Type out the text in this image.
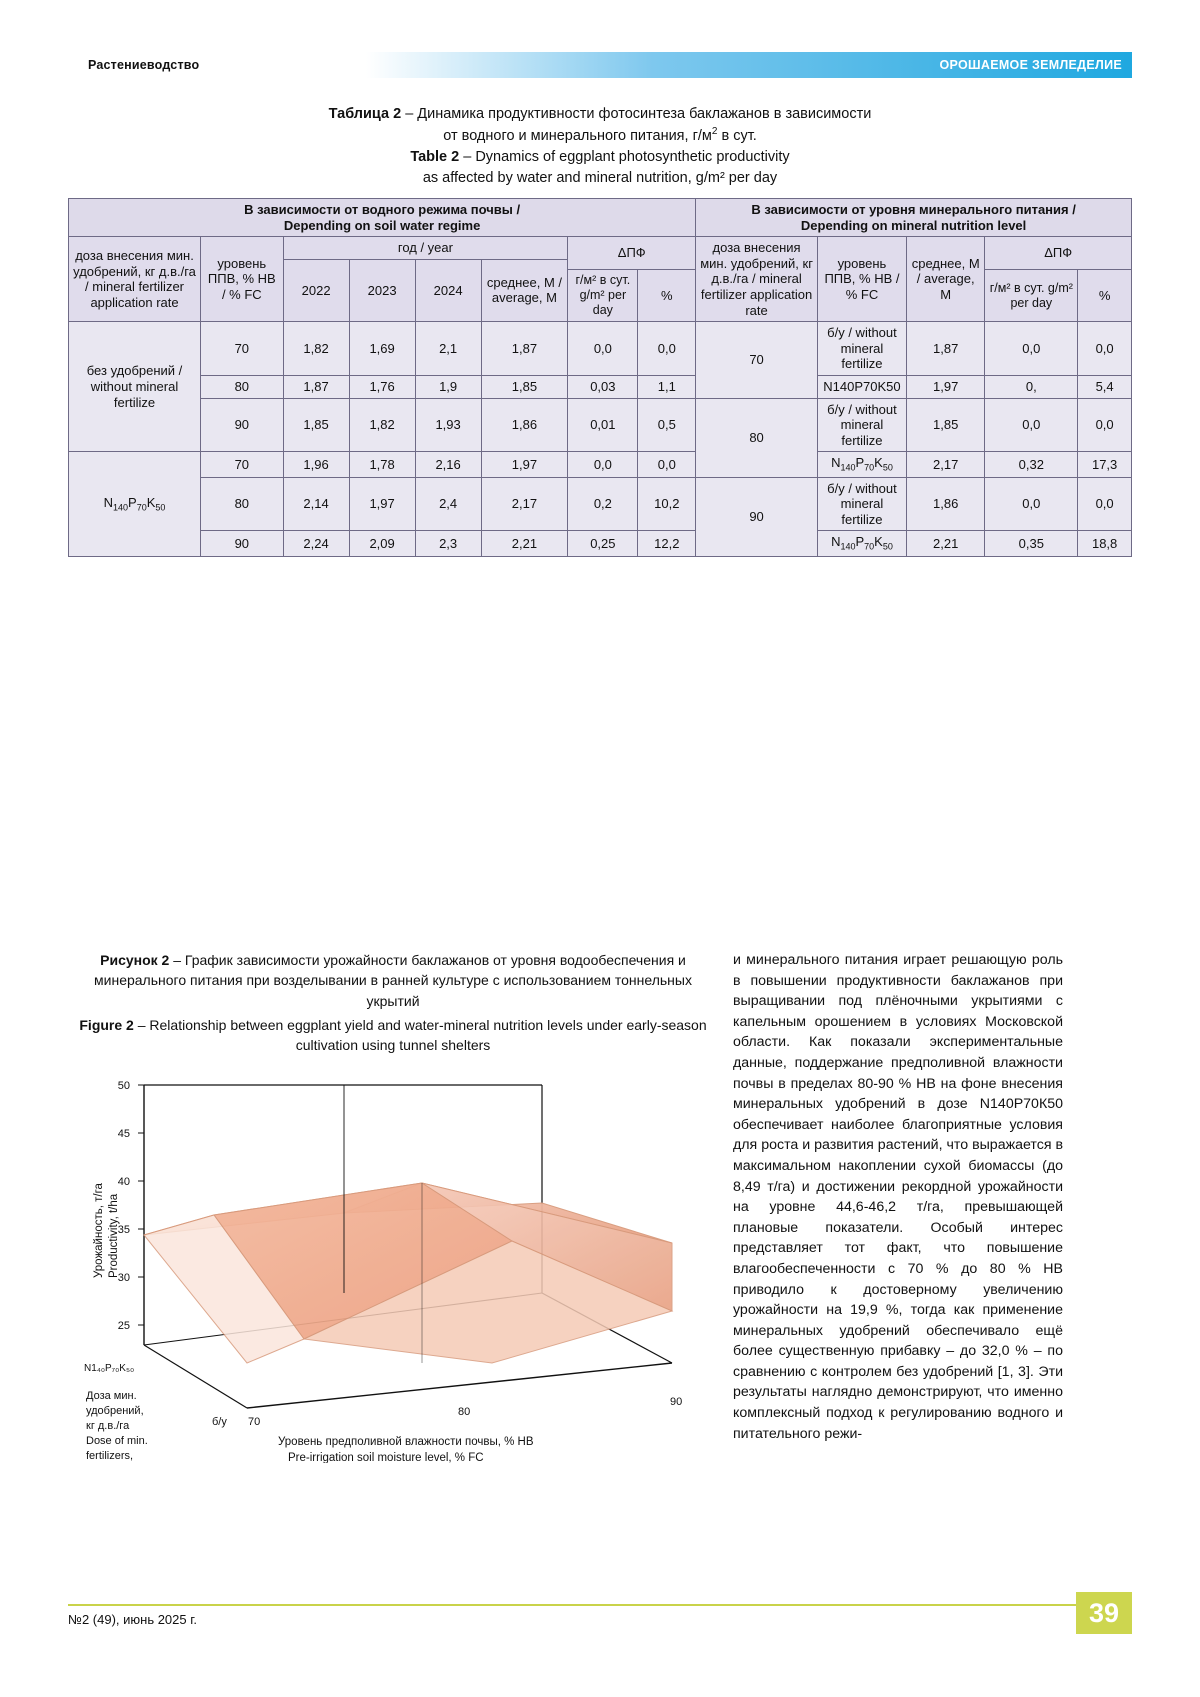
Растениеводство	ОРОШАЕМОЕ ЗЕМЛЕДЕЛИЕ
Таблица 2 – Динамика продуктивности фотосинтеза баклажанов в зависимости
от водного и минерального питания, $г/м^2$ в сут.
Table 2 – Dynamics of eggplant photosynthetic productivity
as affected by water and mineral nutrition, g/m² per day
В зависимости от водного режима почвы /
Depending on soil water regime								В зависимости от уровня минерального питания /
Depending on mineral nutrition level				
доза внесения мин. удобрений, кг д.в./га / mineral fertilizer application rate	уровень ППВ, % НВ / % FC	год / year				ΔПФ		доза внесения мин. удобрений, кг д.в./га / mineral fertilizer application rate	уровень ППВ, % НВ / % FC	среднее, М / average, М	ΔПФ	
		2022	2023	2024	среднее, М / average, М							
						г/м² в сут. g/m² per day	%				г/м² в сут. g/m² per day	%
без удобрений / without mineral fertilize	70	1,82	1,69	2,1	1,87	0,0	0,0	70	б/у / without mineral fertilize	1,87	0,0	0,0
	80	1,87	1,76	1,9	1,85	0,03	1,1		N140P70K50	1,97	0,	5,4
	90	1,85	1,82	1,93	1,86	0,01	0,5	80	б/у / without mineral fertilize	1,85	0,0	0,0
$N_{140}P_{70}K_{50}$	70	1,96	1,78	2,16	1,97	0,0	0,0		$N_{140}P_{70}K_{50}$	2,17	0,32	17,3
	80	2,14	1,97	2,4	2,17	0,2	10,2	90	б/у / without mineral fertilize	1,86	0,0	0,0
	90	2,24	2,09	2,3	2,21	0,25	12,2		$N_{140}P_{70}K_{50}$	2,21	0,35	18,8
Рисунок 2 – График зависимости урожайности баклажанов от уровня водообеспечения и минерального питания при возделывании в ранней культуре с использованием тоннельных укрытий
Figure 2 – Relationship between eggplant yield and water-mineral nutrition levels under early-season cultivation using tunnel shelters
50
45
40
35
30
25
N1₄₀P₇₀K₅₀
б/у
Доза мин.
удобрений,
кг д.в./га
Dose of min.
fertilizers,
70
80
90
Уровень предполивной влажности почвы, % НВ
Pre-irrigation soil moisture level, % FC
Урожайность, т/га Productivity, t/ha

и минерального питания играет решающую роль в повышении продуктивности баклажанов при выращивании под плёночными укрытиями с капельным орошением в условиях Московской области. Как показали экспериментальные данные, поддержание предполивной влажности почвы в пределах 80-90 % НВ на фоне внесения минеральных удобрений в дозе N140Р70К50 обеспечивает наиболее благоприятные условия для роста и развития растений, что выражается в максимальном накоплении сухой биомассы (до 8,49 т/га) и достижении рекордной урожайности на уровне 44,6-46,2 т/га, превышающей плановые показатели. Особый интерес представляет тот факт, что повышение влагообеспеченности с 70 % до 80 % НВ приводило к достоверному увеличению урожайности на 19,9 %, тогда как применение минеральных удобрений обеспечивало ещё более существенную прибавку – до 32,0 % – по сравнению с контролем без удобрений [1, 3]. Эти результаты наглядно демонстрируют, что именно комплексный подход к регулированию водного и питательного режи-

№2 (49), июнь 2025 г.	39
